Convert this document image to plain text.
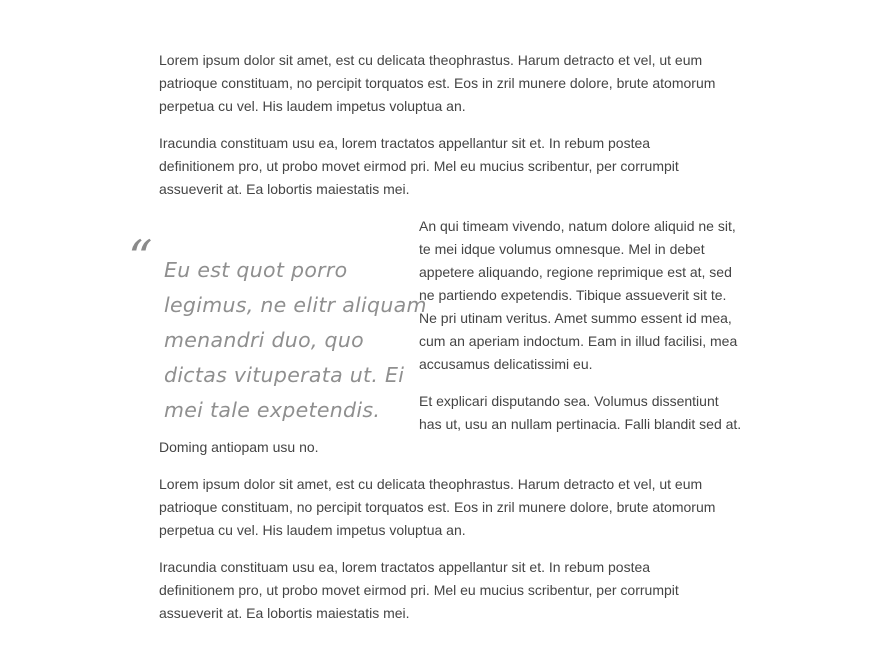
Lorem ipsum dolor sit amet, est cu delicata theophrastus. Harum detracto et vel, ut eum
patrioque constituam, no percipit torquatos est. Eos in zril munere dolore, brute atomorum
perpetua cu vel. His laudem impetus voluptua an.

Iracundia constituam usu ea, lorem tractatos appellantur sit et. In rebum postea
definitionem pro, ut probo movet eirmod pri. Mel eu mucius scribentur, per corrumpit
assueverit at. Ea lobortis maiestatis mei.

“ Eu est quot porro
legimus, ne elitr aliquam
menandri duo, quo
dictas vituperata ut. Ei
mei tale expetendis.

An qui timeam vivendo, natum dolore aliquid ne sit,
te mei idque volumus omnesque. Mel in debet
appetere aliquando, regione reprimique est at, sed
ne partiendo expetendis. Tibique assueverit sit te.
Ne pri utinam veritus. Amet summo essent id mea,
cum an aperiam indoctum. Eam in illud facilisi, mea
accusamus delicatissimi eu.

Et explicari disputando sea. Volumus dissentiunt
has ut, usu an nullam pertinacia. Falli blandit sed at.

Doming antiopam usu no.

Lorem ipsum dolor sit amet, est cu delicata theophrastus. Harum detracto et vel, ut eum
patrioque constituam, no percipit torquatos est. Eos in zril munere dolore, brute atomorum
perpetua cu vel. His laudem impetus voluptua an.

Iracundia constituam usu ea, lorem tractatos appellantur sit et. In rebum postea
definitionem pro, ut probo movet eirmod pri. Mel eu mucius scribentur, per corrumpit
assueverit at. Ea lobortis maiestatis mei.
